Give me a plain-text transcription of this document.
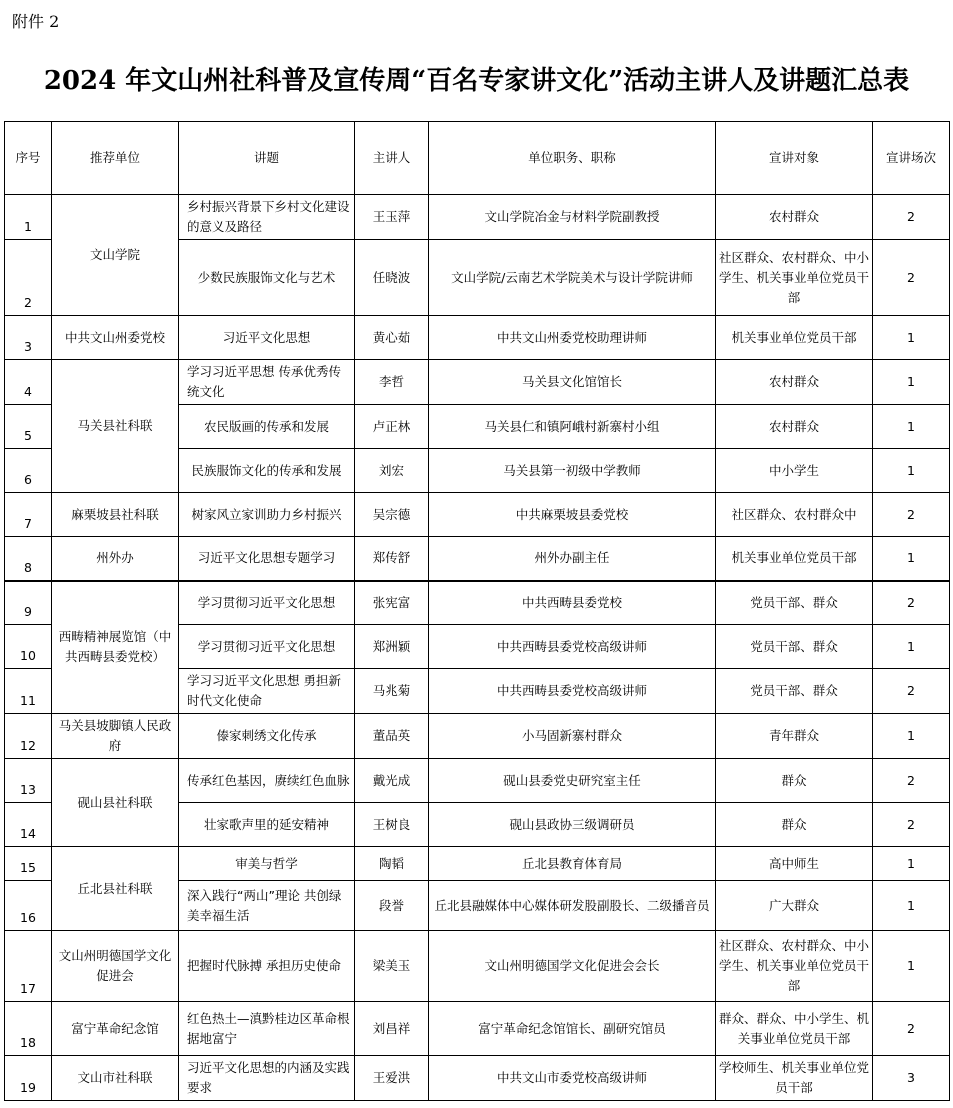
附件 2
2024 年文山州社科普及宣传周“百名专家讲文化”活动主讲人及讲题汇总表
序号	推荐单位	讲题	主讲人	单位职务、职称	宣讲对象	宣讲场次
1	文山学院	乡村振兴背景下乡村文化建设的意义及路径	王玉萍	文山学院冶金与材料学院副教授	农村群众	2
2		少数民族服饰文化与艺术	任晓波	文山学院/云南艺术学院美术与设计学院讲师	社区群众、农村群众、中小学生、机关事业单位党员干部	2
3	中共文山州委党校	习近平文化思想	黄心茹	中共文山州委党校助理讲师	机关事业单位党员干部	1
4	马关县社科联	学习习近平思想 传承优秀传统文化	李哲	马关县文化馆馆长	农村群众	1
5		农民版画的传承和发展	卢正林	马关县仁和镇阿峨村新寨村小组	农村群众	1
6		民族服饰文化的传承和发展	刘宏	马关县第一初级中学教师	中小学生	1
7	麻栗坡县社科联	树家风立家训助力乡村振兴	吴宗德	中共麻栗坡县委党校	社区群众、农村群众中	2
8	州外办	习近平文化思想专题学习	郑传舒	州外办副主任	机关事业单位党员干部	1
9	西畴精神展览馆（中共西畴县委党校）	学习贯彻习近平文化思想	张宪富	中共西畴县委党校	党员干部、群众	2
10		学习贯彻习近平文化思想	郑洲颖	中共西畴县委党校高级讲师	党员干部、群众	1
11		学习习近平文化思想 勇担新时代文化使命	马兆菊	中共西畴县委党校高级讲师	党员干部、群众	2
12	马关县坡脚镇人民政府	傣家刺绣文化传承	董品英	小马固新寨村群众	青年群众	1
13	砚山县社科联	传承红色基因，赓续红色血脉	戴光成	砚山县委党史研究室主任	群众	2
14		壮家歌声里的延安精神	王树良	砚山县政协三级调研员	群众	2
15	丘北县社科联	审美与哲学	陶韬	丘北县教育体育局	高中师生	1
16		深入践行“两山”理论 共创绿美幸福生活	段誉	丘北县融媒体中心媒体研发股副股长、二级播音员	广大群众	1
17	文山州明德国学文化促进会	把握时代脉搏 承担历史使命	梁美玉	文山州明德国学文化促进会会长	社区群众、农村群众、中小学生、机关事业单位党员干部	1
18	富宁革命纪念馆	红色热土—滇黔桂边区革命根据地富宁	刘昌祥	富宁革命纪念馆馆长、副研究馆员	群众、群众、中小学生、机关事业单位党员干部	2
19	文山市社科联	习近平文化思想的内涵及实践要求	王爱洪	中共文山市委党校高级讲师	学校师生、机关事业单位党员干部	3
